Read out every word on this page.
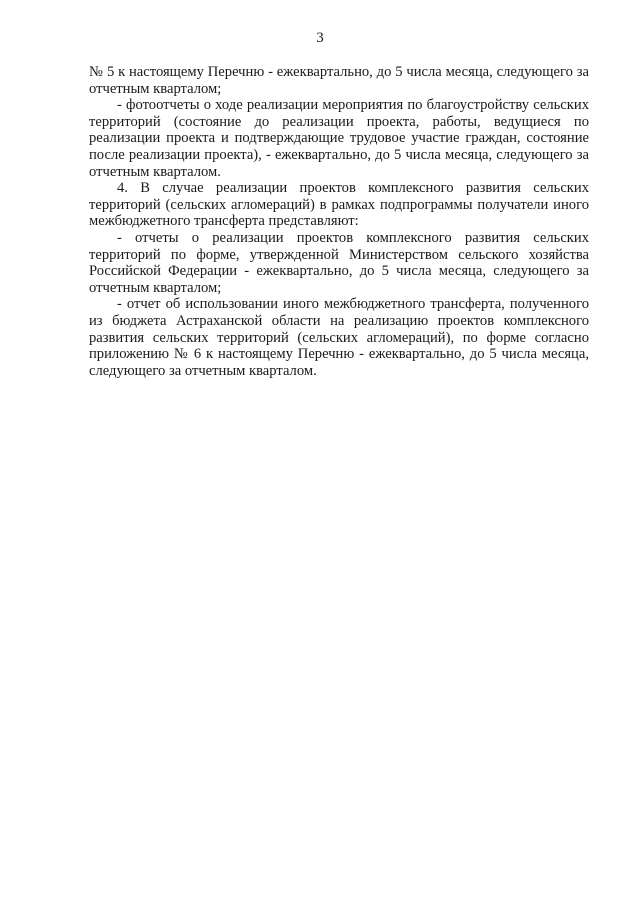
3

№ 5 к настоящему Перечню - ежеквартально, до 5 числа месяца, следующего за отчетным кварталом;

- фотоотчеты о ходе реализации мероприятия по благоустройству сельских территорий (состояние до реализации проекта, работы, ведущиеся по реализации проекта и подтверждающие трудовое участие граждан, состояние после реализации проекта), - ежеквартально, до 5 числа месяца, следующего за отчетным кварталом.

4. В случае реализации проектов комплексного развития сельских территорий (сельских агломераций) в рамках подпрограммы получатели иного межбюджетного трансферта представляют:

- отчеты о реализации проектов комплексного развития сельских территорий по форме, утвержденной Министерством сельского хозяйства Российской Федерации - ежеквартально, до 5 числа месяца, следующего за отчетным кварталом;

- отчет об использовании иного межбюджетного трансферта, полученного из бюджета Астраханской области на реализацию проектов комплексного развития сельских территорий (сельских агломераций), по форме согласно приложению № 6 к настоящему Перечню - ежеквартально, до 5 числа месяца, следующего за отчетным кварталом.
